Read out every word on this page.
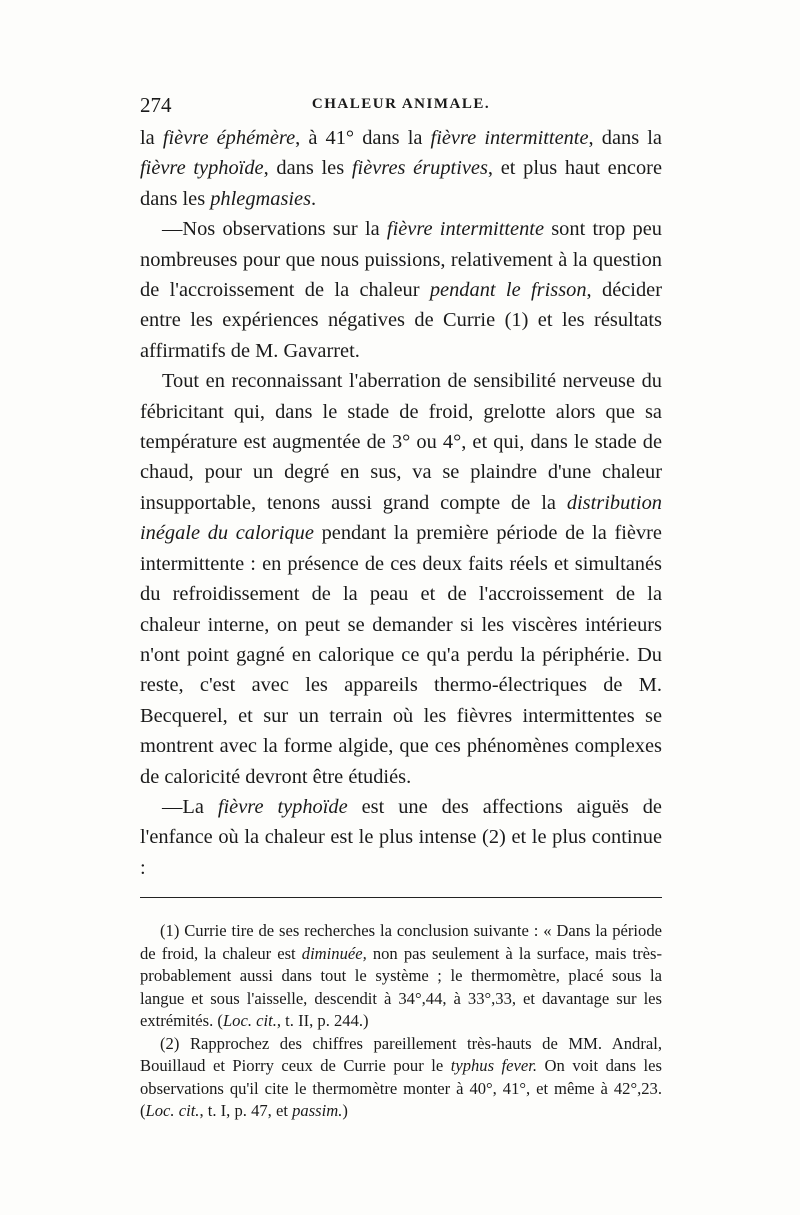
274	CHALEUR ANIMALE.

la fièvre éphémère, à 41° dans la fièvre intermittente, dans la fièvre typhoïde, dans les fièvres éruptives, et plus haut encore dans les phlegmasies.

—Nos observations sur la fièvre intermittente sont trop peu nombreuses pour que nous puissions, relativement à la question de l'accroissement de la chaleur pendant le frisson, décider entre les expériences négatives de Currie (1) et les résultats affirmatifs de M. Gavarret.

Tout en reconnaissant l'aberration de sensibilité nerveuse du fébricitant qui, dans le stade de froid, grelotte alors que sa température est augmentée de 3° ou 4°, et qui, dans le stade de chaud, pour un degré en sus, va se plaindre d'une chaleur insupportable, tenons aussi grand compte de la distribution inégale du calorique pendant la première période de la fièvre intermittente : en présence de ces deux faits réels et simultanés du refroidissement de la peau et de l'accroissement de la chaleur interne, on peut se demander si les viscères intérieurs n'ont point gagné en calorique ce qu'a perdu la périphérie. Du reste, c'est avec les appareils thermo-électriques de M. Becquerel, et sur un terrain où les fièvres intermittentes se montrent avec la forme algide, que ces phénomènes complexes de caloricité devront être étudiés.

—La fièvre typhoïde est une des affections aiguës de l'enfance où la chaleur est le plus intense (2) et le plus continue :

(1) Currie tire de ses recherches la conclusion suivante : « Dans la période de froid, la chaleur est diminuée, non pas seulement à la surface, mais très-probablement aussi dans tout le système ; le thermomètre, placé sous la langue et sous l'aisselle, descendit à 34°,44, à 33°,33, et davantage sur les extrémités. (Loc. cit., t. II, p. 244.)

(2) Rapprochez des chiffres pareillement très-hauts de MM. Andral, Bouillaud et Piorry ceux de Currie pour le typhus fever. On voit dans les observations qu'il cite le thermomètre monter à 40°, 41°, et même à 42°,23. (Loc. cit., t. I, p. 47, et passim.)
